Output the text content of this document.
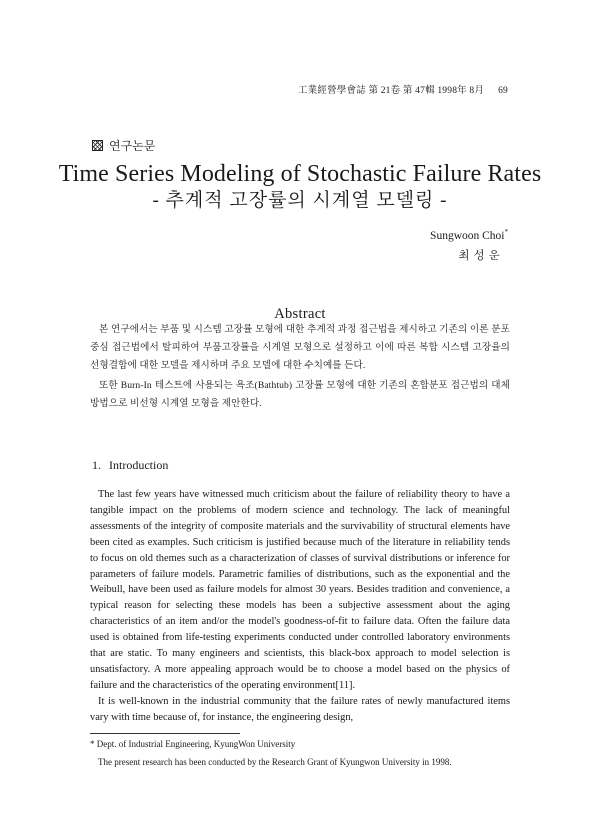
工業經營學會誌 第 21卷 第 47輯 1998年 8月 69
연구논문
Time Series Modeling of Stochastic Failure Rates
- 추계적 고장률의 시계열 모델링 -
Sungwoon Choi*
최성운
Abstract

본 연구에서는 부품 및 시스템 고장률 모형에 대한 추계적 과정 접근법을 제시하고 기존의 이론 분포 중심 접근법에서 탈피하여 부품고장률을 시계열 모형으로 설정하고 이에 따른 복합 시스템 고장율의 선형결합에 대한 모델을 제시하며 주요 모델에 대한 수치예를 든다.

또한 Burn-In 테스트에 사용되는 욕조(Bathtub) 고장률 모형에 대한 기존의 혼합분포 접근법의 대체 방법으로 비선형 시계열 모형을 제안한다.

1. Introduction

The last few years have witnessed much criticism about the failure of reliability theory to have a tangible impact on the problems of modern science and technology. The lack of meaningful assessments of the integrity of composite materials and the survivability of structural elements have been cited as examples. Such criticism is justified because much of the literature in reliability tends to focus on old themes such as a characterization of classes of survival distributions or inference for parameters of failure models. Parametric families of distributions, such as the exponential and the Weibull, have been used as failure models for almost 30 years. Besides tradition and convenience, a typical reason for selecting these models has been a subjective assessment about the aging characteristics of an item and/or the model's goodness-of-fit to failure data. Often the failure data used is obtained from life-testing experiments conducted under controlled laboratory environments that are static. To many engineers and scientists, this black-box approach to model selection is unsatisfactory. A more appealing approach would be to choose a model based on the physics of failure and the characteristics of the operating environment[11].

It is well-known in the industrial community that the failure rates of newly manufactured items vary with time because of, for instance, the engineering design,

* Dept. of Industrial Engineering, KyungWon University

The present research has been conducted by the Research Grant of Kyungwon University in 1998.
